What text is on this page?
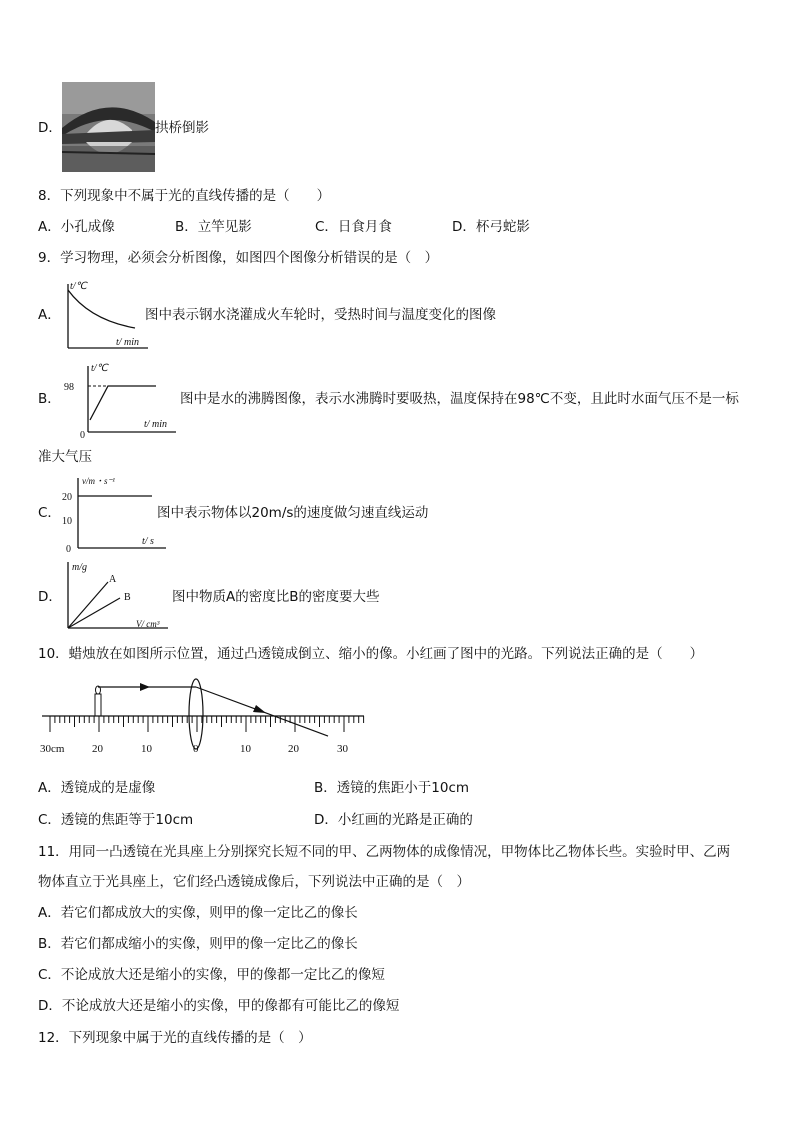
D．	拱桥倒影
8．下列现象中不属于光的直线传播的是（　　）
A．小孔成像	B．立竿见影	C．日食月食	D．杯弓蛇影
9．学习物理，必须会分析图像，如图四个图像分析错误的是（　）
A．
t/℃
t/ min
图中表示钢水浇灌成火车轮时，受热时间与温度变化的图像
B．
t/℃
98
0
t/ min
图中是水的沸腾图像，表示水沸腾时要吸热，温度保持在98℃不变，且此时水面气压不是一标
准大气压
C．
v/m・s⁻¹
20
10
0
t/ s
图中表示物体以20m/s的速度做匀速直线运动
D．
m/g
A
B
V/ cm³
图中物质A的密度比B的密度要大些
10．蜡烛放在如图所示位置，通过凸透镜成倒立、缩小的像。小红画了图中的光路。下列说法正确的是（　　）
30cm	20	10	0	10	20	30
A．透镜成的是虚像	B．透镜的焦距小于10cm
C．透镜的焦距等于10cm	D．小红画的光路是正确的
11．用同一凸透镜在光具座上分别探究长短不同的甲、乙两物体的成像情况，甲物体比乙物体长些。实验时甲、乙两
物体直立于光具座上，它们经凸透镜成像后，下列说法中正确的是（　）
A．若它们都成放大的实像，则甲的像一定比乙的像长
B．若它们都成缩小的实像，则甲的像一定比乙的像长
C．不论成放大还是缩小的实像，甲的像都一定比乙的像短
D．不论成放大还是缩小的实像，甲的像都有可能比乙的像短
12．下列现象中属于光的直线传播的是（　）
